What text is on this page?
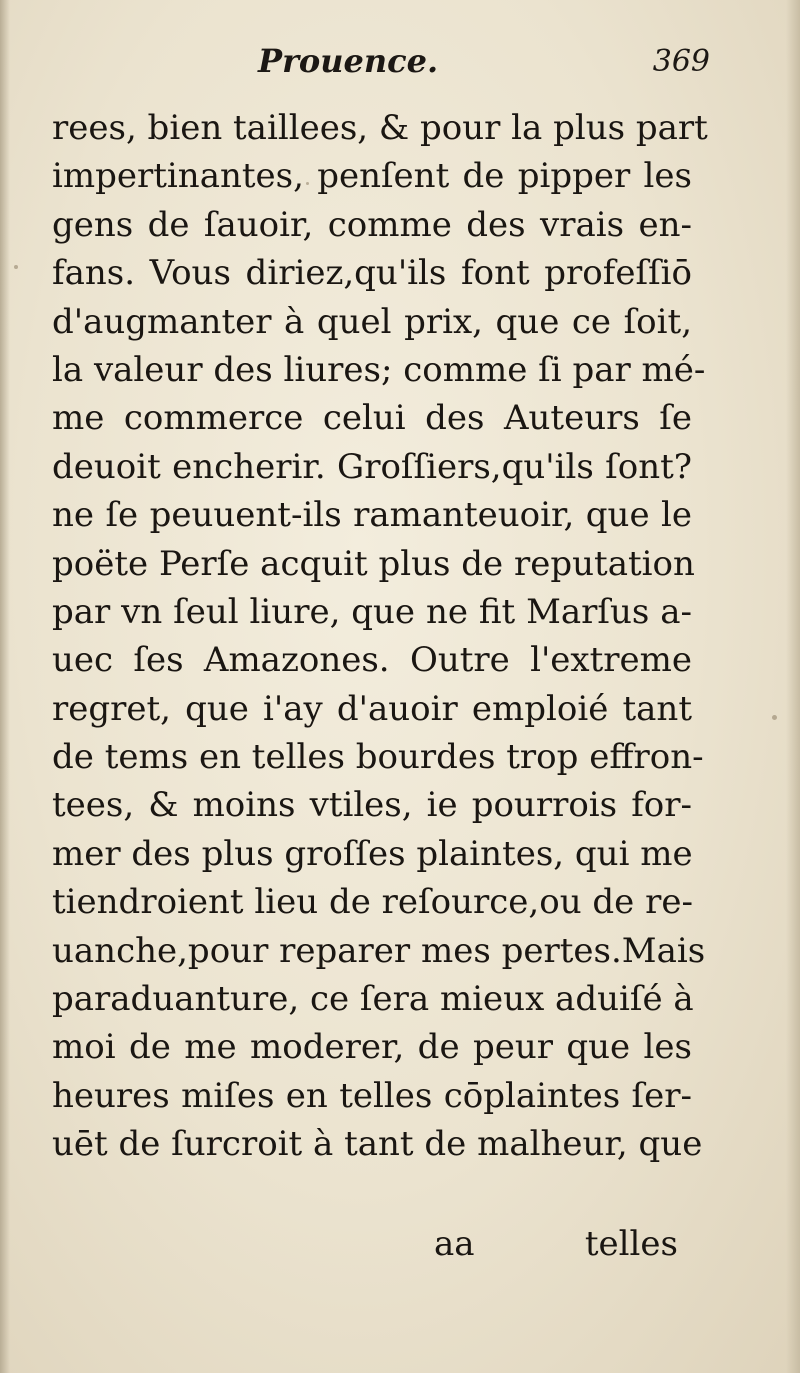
Prouence.	369
rees, bien taillees, & pour la plus part
impertinantes, penſent de pipper les
gens de ſauoir, comme des vrais en-
fans. Vous diriez,qu'ils font profeſſiō
d'augmanter à quel prix, que ce ſoit,
la valeur des liures; comme ſi par mé-
me commerce celui des Auteurs ſe
deuoit encherir. Groſſiers,qu'ils ſont?
ne ſe peuuent-ils ramanteuoir, que le
poëte Perſe acquit plus de reputation
par vn ſeul liure, que ne fit Marſus a-
uec ſes Amazones. Outre l'extreme
regret, que i'ay d'auoir emploié tant
de tems en telles bourdes trop effron-
tees, & moins vtiles, ie pourrois for-
mer des plus groſſes plaintes, qui me
tiendroient lieu de reſource,ou de re-
uanche,pour reparer mes pertes.Mais
paraduanture, ce ſera mieux aduiſé à
moi de me moderer, de peur que les
heures miſes en telles cōplaintes ſer-
uēt de ſurcroit à tant de malheur, que
aa	telles
